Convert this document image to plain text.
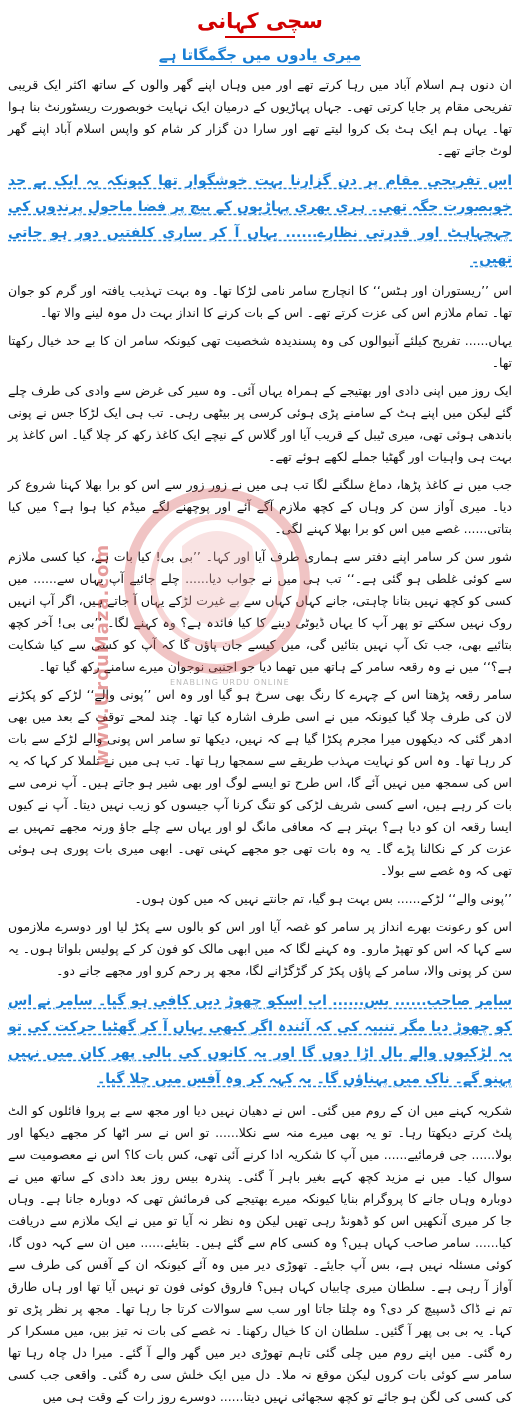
سچی کہانی
میری یادوں میں جگمگاتا ہے

ان دنوں ہم اسلام آباد میں رہا کرتے تھے اور میں وہاں اپنے گھر والوں کے ساتھ اکثر ایک قریبی تفریحی مقام پر جایا کرتی تھی۔ جہاں پہاڑیوں کے درمیان ایک نہایت خوبصورت ریسٹورنٹ بنا ہوا تھا۔ یہاں ہم ایک ہٹ بک کروا لیتے تھے اور سارا دن گزار کر شام کو واپس اسلام آباد اپنے گھر لوٹ جاتے تھے۔

اس تفریحی مقام پر دن گزارنا بہت خوشگوار تھا کیونکہ یہ ایک بے حد خوبصورت جگہ تھی۔ ہری بھری پہاڑیوں کے بیچ پر فضا ماحول پرندوں کی چہچہاہٹ اور قدرتی نظارے...... یہاں آ کر ساری کلفتیں دور ہو جاتی تھیں۔

اس ’’ریستوران اور ہٹس‘‘ کا انچارج سامر نامی لڑکا تھا۔ وہ بہت تہذیب یافتہ اور گرم کو جوان تھا۔ تمام ملازم اس کی عزت کرتے تھے۔ اس کے بات کرنے کا انداز بہت دل موہ لینے والا تھا۔

یہاں...... تفریح کیلئے آنیوالوں کی وہ پسندیدہ شخصیت تھی کیونکہ سامر ان کا بے حد خیال رکھتا تھا۔

ایک روز میں اپنی دادی اور بھتیجے کے ہمراہ یہاں آئی۔ وہ سیر کی غرض سے وادی کی طرف چلے گئے لیکن میں اپنے ہٹ کے سامنے پڑی ہوئی کرسی پر بیٹھی رہی۔ تب ہی ایک لڑکا جس نے پونی باندھی ہوئی تھی، میری ٹیبل کے قریب آیا اور گلاس کے نیچے ایک کاغذ رکھ کر چلا گیا۔ اس کاغذ پر بہت ہی واہیات اور گھٹیا جملے لکھے ہوئے تھے۔

جب میں نے کاغذ پڑھا، دماغ سلگنے لگا تب ہی میں نے زور زور سے اس کو برا بھلا کہنا شروع کر دیا۔ میری آواز سن کر وہاں کے کچھ ملازم آگے آئے اور پوچھنے لگے میڈم کیا ہوا ہے؟ میں کیا بتاتی...... غصے میں اس کو برا بھلا کہنے لگی۔

شور سن کر سامر اپنے دفتر سے ہماری طرف آیا اور کہا۔ ’’بی بی! کیا بات ہے، کیا کسی ملازم سے کوئی غلطی ہو گئی ہے۔‘‘ تب ہی میں نے جواب دیا...... چلے جائیے آپ یہاں سے...... میں کسی کو کچھ نہیں بتانا چاہتی، جانے کہاں کہاں سے بے غیرت لڑکے یہاں آ جاتے ہیں، اگر آپ انہیں روک نہیں سکتے تو پھر آپ کا یہاں ڈیوٹی دینے کا کیا فائدہ ہے؟ وہ کہنے لگا۔ ’’بی بی! آخر کچھ بتائیے بھی، جب تک آپ نہیں بتائیں گی، میں کیسے جان پاؤں گا کہ آپ کو کسی سے کیا شکایت ہے؟‘‘ میں نے وہ رقعہ سامر کے ہاتھ میں تھما دیا جو اجنبی نوجوان میرے سامنے رکھ گیا تھا۔

سامر رقعہ پڑھتا اس کے چہرے کا رنگ بھی سرخ ہو گیا اور وہ اس ’’پونی والے‘‘ لڑکے کو پکڑنے لان کی طرف چلا گیا کیونکہ میں نے اسی طرف اشارہ کیا تھا۔ چند لمحے توقف کے بعد میں بھی ادھر گئی کہ دیکھوں میرا مجرم پکڑا گیا ہے کہ نہیں، دیکھا تو سامر اس پونی والے لڑکے سے بات کر رہا تھا۔ وہ اس کو نہایت مہذب طریقے سے سمجھا رہا تھا۔ تب ہی میں نے تلملا کر کہا کہ یہ اس کی سمجھ میں نہیں آئے گا، اس طرح تو ایسے لوگ اور بھی شیر ہو جاتے ہیں۔ آپ نرمی سے بات کر رہے ہیں، اسے کسی شریف لڑکی کو تنگ کرنا آپ جیسوں کو زیب نہیں دیتا۔ آپ نے کیوں ایسا رقعہ ان کو دیا ہے؟ بہتر ہے کہ معافی مانگ لو اور یہاں سے چلے جاؤ ورنہ مجھے تمہیں بے عزت کر کے نکالنا پڑے گا۔ یہ وہ بات تھی جو مجھے کہنی تھی۔ ابھی میری بات پوری ہی ہوئی تھی کہ وہ غصے سے بولا۔

’’پونی والے‘‘ لڑکے...... بس بہت ہو گیا، تم جانتے نہیں کہ میں کون ہوں۔

اس کو رعونت بھرے انداز پر سامر کو غصہ آیا اور اس کو بالوں سے پکڑ لیا اور دوسرے ملازموں سے کہا کہ اس کو تھپڑ مارو۔ وہ کہنے لگا کہ میں ابھی مالک کو فون کر کے پولیس بلواتا ہوں۔ یہ سن کر پونی والا، سامر کے پاؤں پکڑ کر گڑگڑانے لگا، مجھ پر رحم کرو اور مجھے جانے دو۔

سامر صاحب...... بس...... اب اسکو چھوڑ دیں کافی ہو گیا۔ سامر نے اس کو چھوڑ دیا مگر تنبیہ کی کہ آئندہ اگر کبھی یہاں آ کر گھٹیا حرکت کی تو یہ لڑکیوں والے بال اڑا دوں گا اور یہ کانوں کی بالی پھر کان میں نہیں پہنو گے۔ ناک میں پہناؤں گا۔ یہ کہہ کر وہ آفس میں چلا گیا۔

شکریہ کہنے میں ان کے روم میں گئی۔ اس نے دھیان نہیں دیا اور مجھ سے بے پروا فائلوں کو الٹ پلٹ کرتے دیکھتا رہا۔ تو یہ بھی میرے منہ سے نکلا...... تو اس نے سر اٹھا کر مجھے دیکھا اور بولا...... جی فرمائیے...... میں آپ کا شکریہ ادا کرنے آئی تھی، کس بات کا؟ اس نے معصومیت سے سوال کیا۔ میں نے مزید کچھ کہے بغیر باہر آ گئی۔ پندرہ بیس روز بعد دادی کے ساتھ میں نے دوبارہ وہاں جانے کا پروگرام بنایا کیونکہ میرے بھتیجے کی فرمائش تھی کہ دوبارہ جانا ہے۔ وہاں جا کر میری آنکھیں اس کو ڈھونڈ رہی تھیں لیکن وہ نظر نہ آیا تو میں نے ایک ملازم سے دریافت کیا...... سامر صاحب کہاں ہیں؟ وہ کسی کام سے گئے ہیں۔ بتایئے...... میں ان سے کہہ دوں گا، کوئی مسئلہ نہیں ہے، بس آپ جایئے۔ تھوڑی دیر میں وہ آئے کیونکہ ان کے آفس کی طرف سے آواز آ رہی ہے۔ سلطان میری چابیاں کہاں ہیں؟ فاروق کوئی فون تو نہیں آیا تھا اور ہاں طارق تم نے ڈاک ڈسپیچ کر دی؟ وہ چلتا جاتا اور سب سے سوالات کرتا جا رہا تھا۔ مجھ پر نظر پڑی تو کہا۔ یہ بی بی پھر آ گئیں۔ سلطان ان کا خیال رکھنا۔ نہ غصے کی بات نہ تیز بیں، میں مسکرا کر رہ گئی۔ میں اپنے روم میں چلی گئی تاہم تھوڑی دیر میں گھر والے آ گئے۔ میرا دل چاہ رہا تھا سامر سے کوئی بات کروں لیکن موقع نہ ملا۔ دل میں ایک خلش سی رہ گئی۔ واقعی جب کسی کی کسی کی لگن ہو جائے تو کچھ سجھائی نہیں دیتا...... دوسرے روز رات کے وقت ہی میں

www.UrduMaza.com	ENABLING URDU ONLINE
